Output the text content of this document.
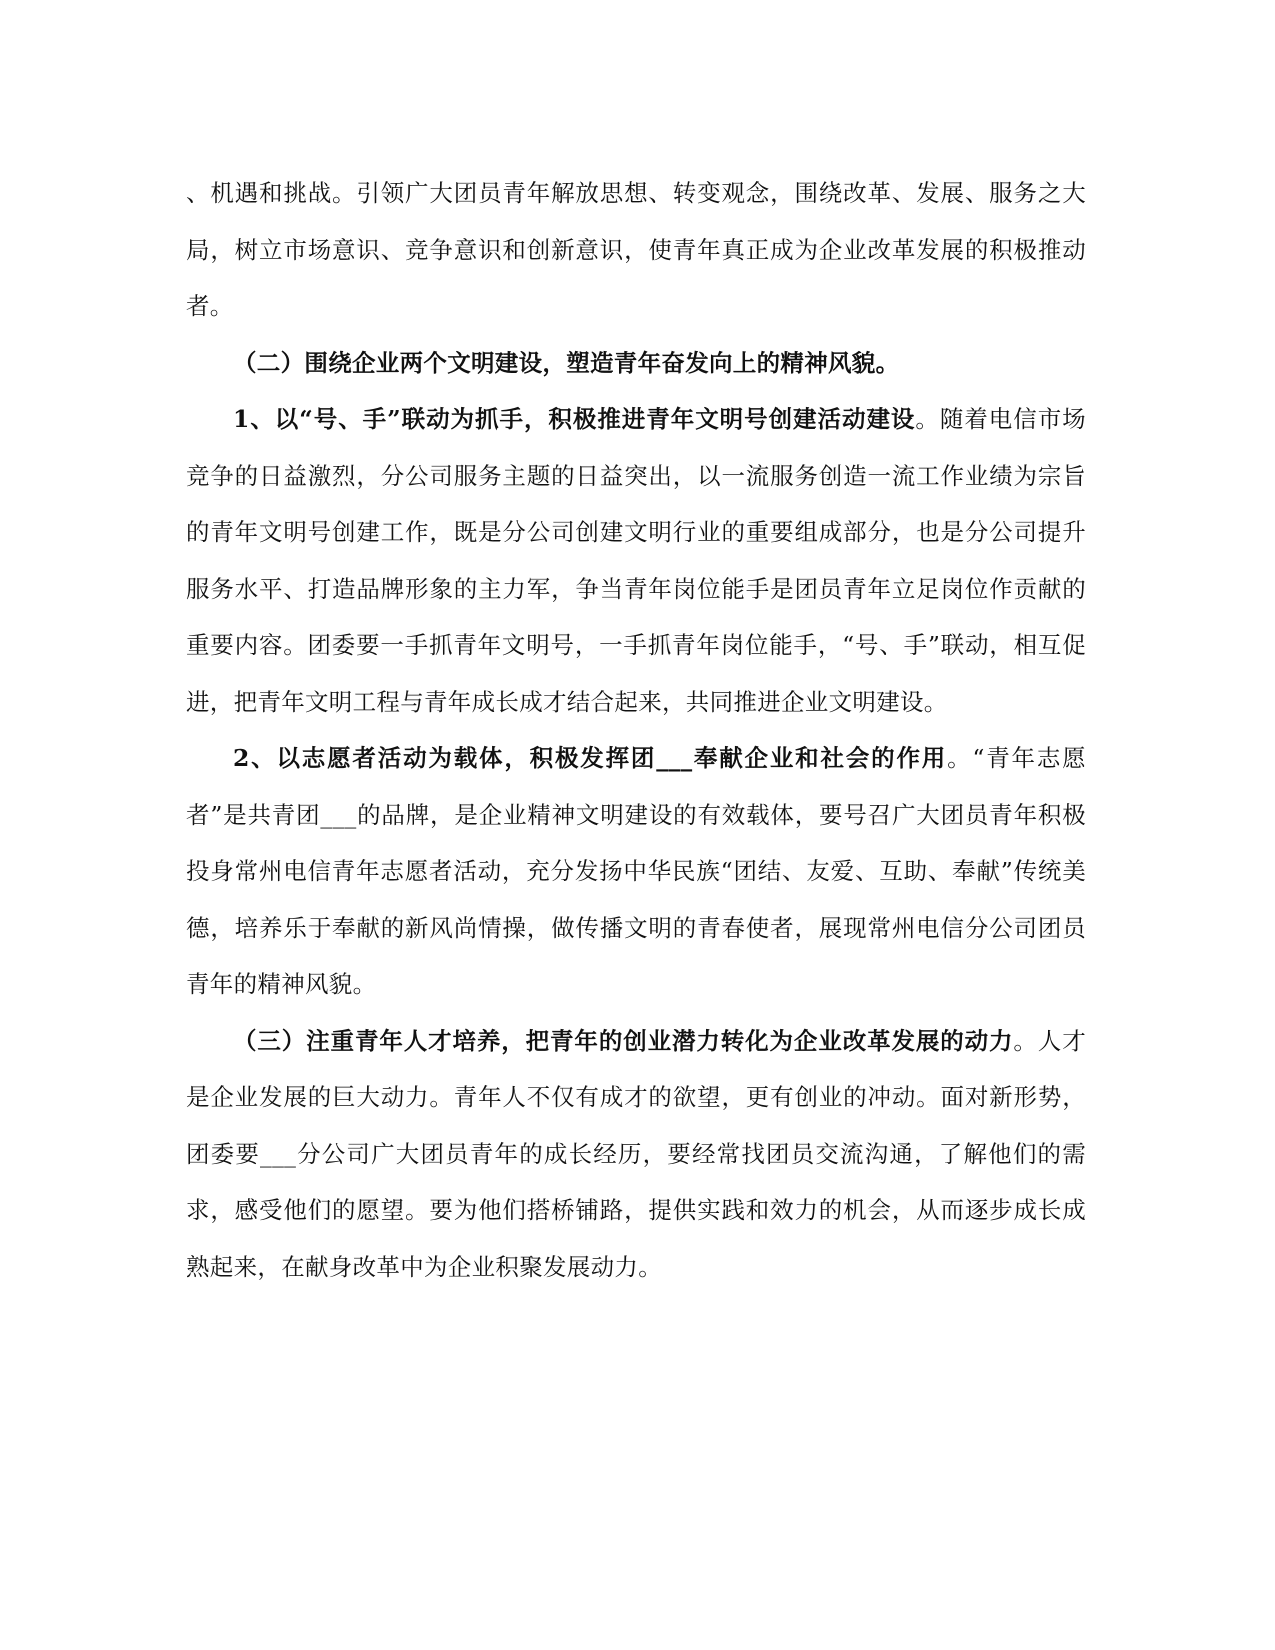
、机遇和挑战。引领广大团员青年解放思想、转变观念，围绕改革、发展、服务之大局，树立市场意识、竞争意识和创新意识，使青年真正成为企业改革发展的积极推动者。

（二）围绕企业两个文明建设，塑造青年奋发向上的精神风貌。

1、以“号、手”联动为抓手，积极推进青年文明号创建活动建设。随着电信市场竞争的日益激烈，分公司服务主题的日益突出，以一流服务创造一流工作业绩为宗旨的青年文明号创建工作，既是分公司创建文明行业的重要组成部分，也是分公司提升服务水平、打造品牌形象的主力军，争当青年岗位能手是团员青年立足岗位作贡献的重要内容。团委要一手抓青年文明号，一手抓青年岗位能手，“号、手”联动，相互促进，把青年文明工程与青年成长成才结合起来，共同推进企业文明建设。

2、以志愿者活动为载体，积极发挥团___奉献企业和社会的作用。“青年志愿者”是共青团___的品牌，是企业精神文明建设的有效载体，要号召广大团员青年积极投身常州电信青年志愿者活动，充分发扬中华民族“团结、友爱、互助、奉献”传统美德，培养乐于奉献的新风尚情操，做传播文明的青春使者，展现常州电信分公司团员青年的精神风貌。

（三）注重青年人才培养，把青年的创业潜力转化为企业改革发展的动力。人才是企业发展的巨大动力。青年人不仅有成才的欲望，更有创业的冲动。面对新形势，团委要___分公司广大团员青年的成长经历，要经常找团员交流沟通，了解他们的需求，感受他们的愿望。要为他们搭桥铺路，提供实践和效力的机会，从而逐步成长成熟起来，在献身改革中为企业积聚发展动力。
